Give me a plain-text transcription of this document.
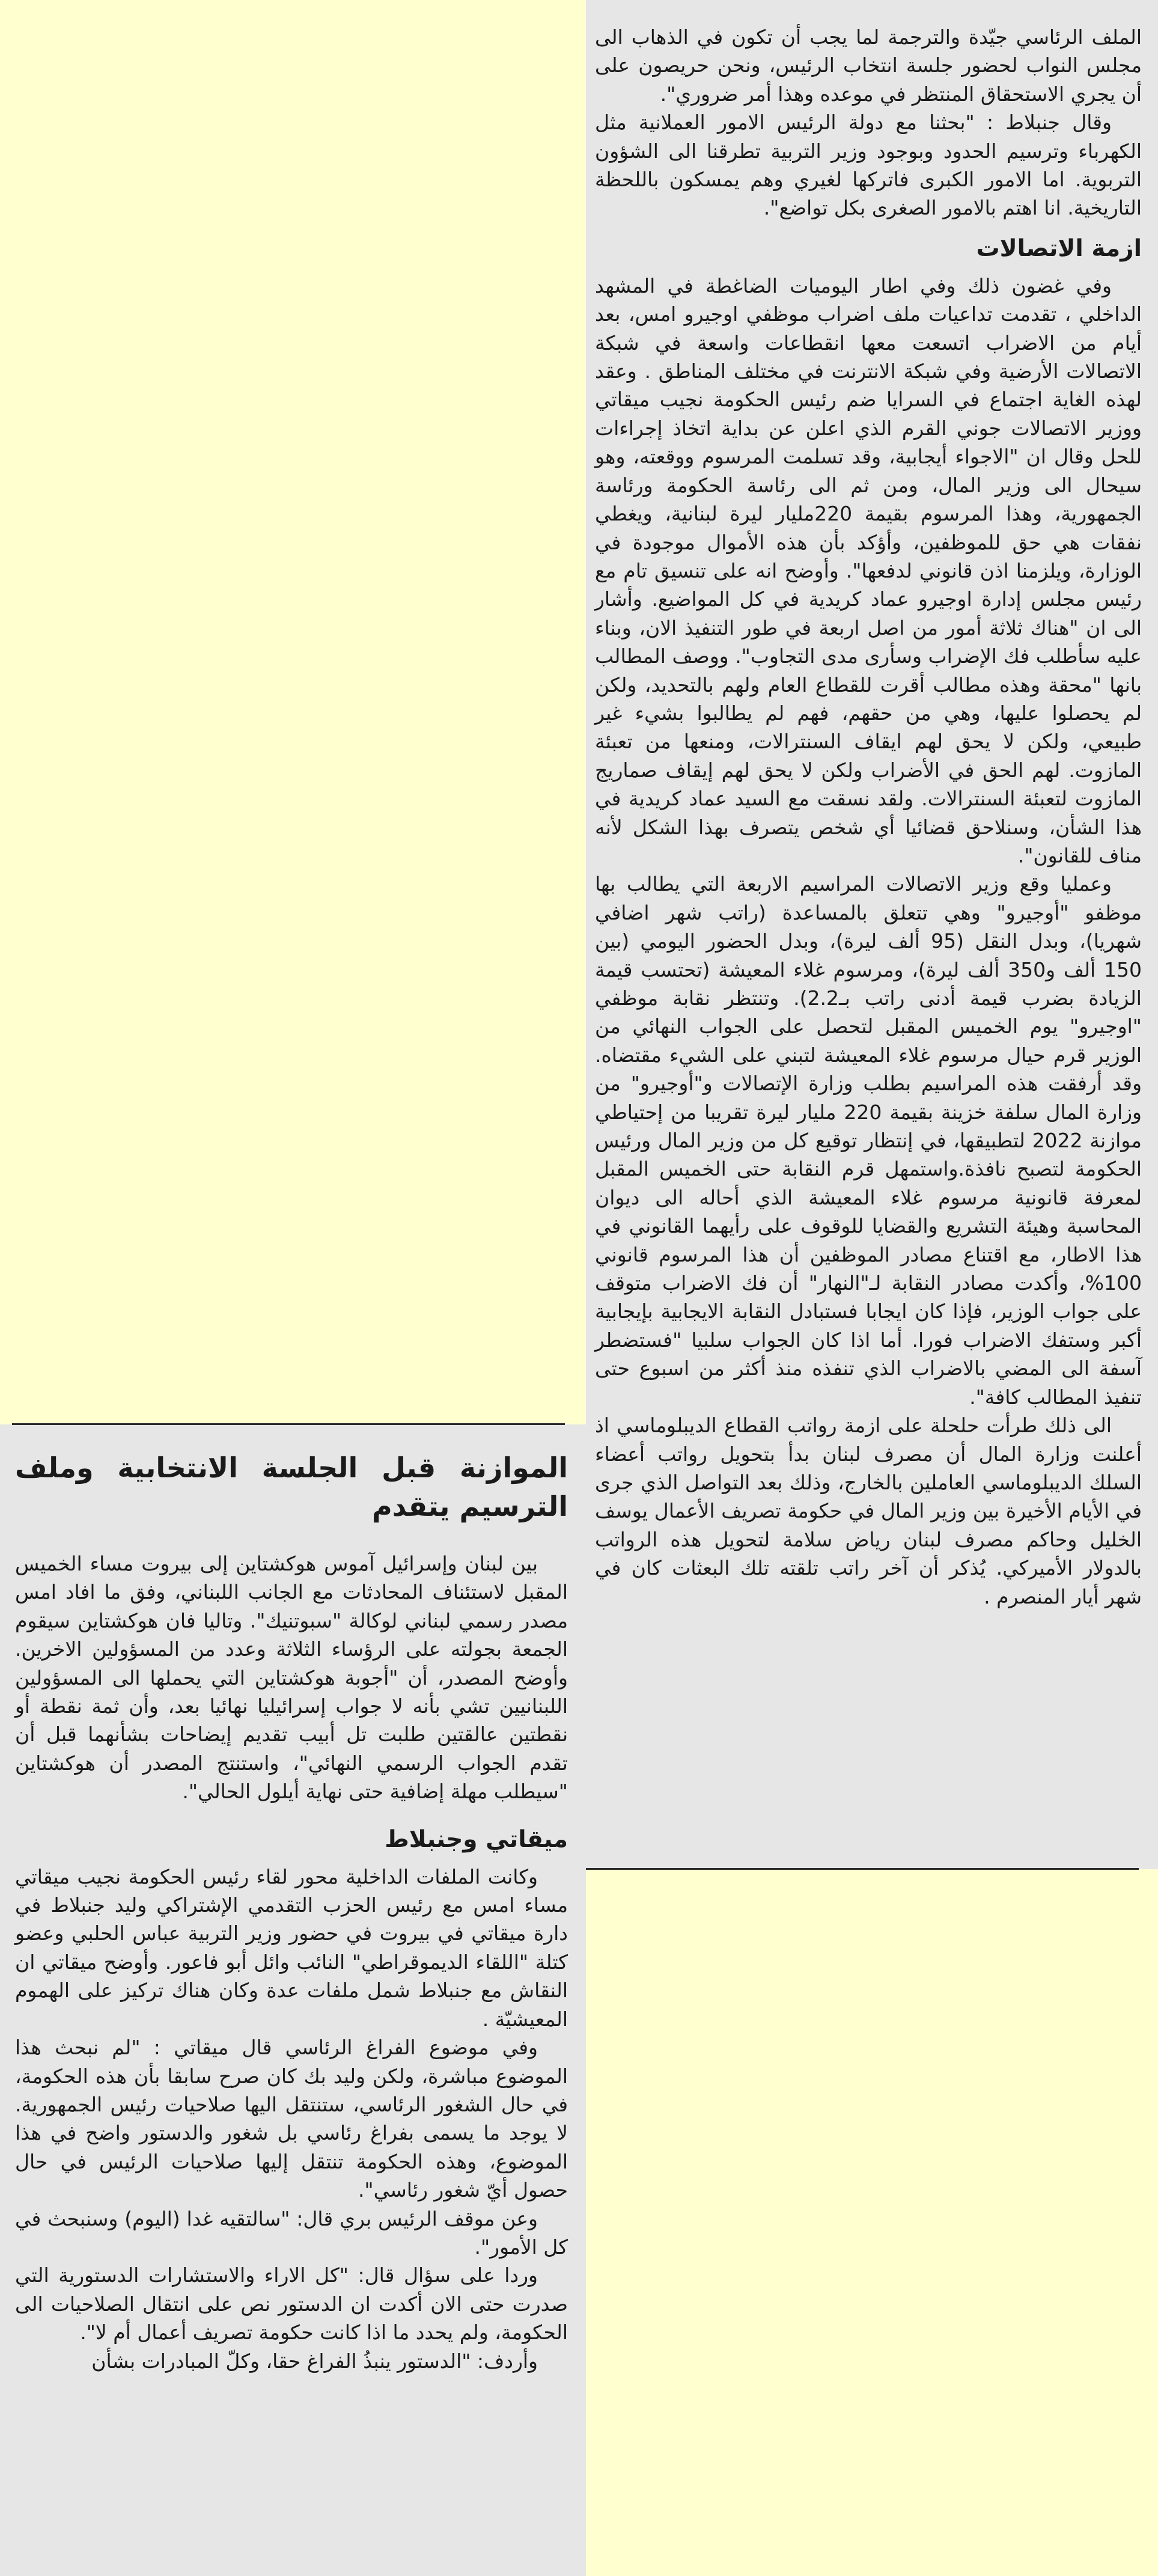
الملف الرئاسي جيّدة والترجمة لما يجب أن تكون في الذهاب الى مجلس النواب لحضور جلسة انتخاب الرئيس، ونحن حريصون على أن يجري الاستحقاق المنتظر في موعده وهذا أمر ضروري".

وقال جنبلاط : "بحثنا مع دولة الرئيس الامور العملانية مثل الكهرباء وترسيم الحدود وبوجود وزير التربية تطرقنا الى الشؤون التربوية. اما الامور الكبرى فاتركها لغيري وهم يمسكون باللحظة التاريخية. انا اهتم بالامور الصغرى بكل تواضع".

ازمة الاتصالات

وفي غضون ذلك وفي اطار اليوميات الضاغطة في المشهد الداخلي ، تقدمت تداعيات ملف اضراب موظفي اوجيرو امس، بعد أيام من الاضراب اتسعت معها انقطاعات واسعة في شبكة الاتصالات الأرضية وفي شبكة الانترنت في مختلف المناطق . وعقد لهذه الغاية اجتماع في السرايا ضم رئيس الحكومة نجيب ميقاتي ووزير الاتصالات جوني القرم الذي اعلن عن بداية اتخاذ إجراءات للحل وقال ان "الاجواء أيجابية، وقد تسلمت المرسوم ووقعته، وهو سيحال الى وزير المال، ومن ثم الى رئاسة الحكومة ورئاسة الجمهورية، وهذا المرسوم بقيمة 220مليار ليرة لبنانية، ويغطي نفقات هي حق للموظفين، وأؤكد بأن هذه الأموال موجودة في الوزارة، ويلزمنا اذن قانوني لدفعها". وأوضح انه على تنسيق تام مع رئيس مجلس إدارة اوجيرو عماد كريدية في كل المواضيع. وأشار الى ان "هناك ثلاثة أمور من اصل اربعة في طور التنفيذ الان، وبناء عليه سأطلب فك الإضراب وسأرى مدى التجاوب". ووصف المطالب بانها "محقة وهذه مطالب أقرت للقطاع العام ولهم بالتحديد، ولكن لم يحصلوا عليها، وهي من حقهم، فهم لم يطالبوا بشيء غير طبيعي، ولكن لا يحق لهم ايقاف السنترالات، ومنعها من تعبئة المازوت. لهم الحق في الأضراب ولكن لا يحق لهم إيقاف صماريج المازوت لتعبئة السنترالات. ولقد نسقت مع السيد عماد كريدية في هذا الشأن، وسنلاحق قضائيا أي شخص يتصرف بهذا الشكل لأنه مناف للقانون".

وعمليا وقع وزير الاتصالات المراسيم الاربعة التي يطالب بها موظفو "أوجيرو" وهي تتعلق بالمساعدة (راتب شهر اضافي شهريا)، وبدل النقل (95 ألف ليرة)، وبدل الحضور اليومي (بين 150 ألف و350 ألف ليرة)، ومرسوم غلاء المعيشة (تحتسب قيمة الزيادة بضرب قيمة أدنى راتب بـ2.2). وتنتظر نقابة موظفي "اوجيرو" يوم الخميس المقبل لتحصل على الجواب النهائي من الوزير قرم حيال مرسوم غلاء المعيشة لتبني على الشيء مقتضاه. وقد أرفقت هذه المراسيم بطلب وزارة الإتصالات و"أوجيرو" من وزارة المال سلفة خزينة بقيمة 220 مليار ليرة تقريبا من إحتياطي موازنة 2022 لتطبيقها، في إنتظار توقيع كل من وزير المال ورئيس الحكومة لتصبح نافذة.واستمهل قرم النقابة حتى الخميس المقبل لمعرفة قانونية مرسوم غلاء المعيشة الذي أحاله الى ديوان المحاسبة وهيئة التشريع والقضايا للوقوف على رأيهما القانوني في هذا الاطار، مع اقتناع مصادر الموظفين أن هذا المرسوم قانوني 100%، وأكدت مصادر النقابة لـ"النهار" أن فك الاضراب متوقف على جواب الوزير، فإذا كان ايجابا فستبادل النقابة الايجابية بإيجابية أكبر وستفك الاضراب فورا. أما اذا كان الجواب سلبيا "فستضطر آسفة الى المضي بالاضراب الذي تنفذه منذ أكثر من اسبوع حتى تنفيذ المطالب كافة".

الى ذلك طرأت حلحلة على ازمة رواتب القطاع الديبلوماسي اذ أعلنت وزارة المال أن مصرف لبنان بدأ بتحويل رواتب أعضاء السلك الديبلوماسي العاملين بالخارج، وذلك بعد التواصل الذي جرى في الأيام الأخيرة بين وزير المال في حكومة تصريف الأعمال يوسف الخليل وحاكم مصرف لبنان رياض سلامة لتحويل هذه الرواتب بالدولار الأميركي. يُذكر أن آخر راتب تلقته تلك البعثات كان في شهر أيار المنصرم .

الموازنة قبل الجلسة الانتخابية وملف الترسيم يتقدم

بين لبنان وإسرائيل آموس هوكشتاين إلى بيروت مساء الخميس المقبل لاستئناف المحادثات مع الجانب اللبناني، وفق ما افاد امس مصدر رسمي لبناني لوكالة "سبوتنيك". وتاليا فان هوكشتاين سيقوم الجمعة بجولته على الرؤساء الثلاثة وعدد من المسؤولين الاخرين. وأوضح المصدر، أن "أجوبة هوكشتاين التي يحملها الى المسؤولين اللبنانيين تشي بأنه لا جواب إسرائيليا نهائيا بعد، وأن ثمة نقطة أو نقطتين عالقتين طلبت تل أبيب تقديم إيضاحات بشأنهما قبل أن تقدم الجواب الرسمي النهائي"، واستنتج المصدر أن هوكشتاين "سيطلب مهلة إضافية حتى نهاية أيلول الحالي".

ميقاتي وجنبلاط

وكانت الملفات الداخلية محور لقاء رئيس الحكومة نجيب ميقاتي مساء امس مع رئيس الحزب التقدمي الإشتراكي وليد جنبلاط في دارة ميقاتي في بيروت في حضور وزير التربية عباس الحلبي وعضو كتلة "اللقاء الديموقراطي" النائب وائل أبو فاعور. وأوضح ميقاتي ان النقاش مع جنبلاط شمل ملفات عدة وكان هناك تركيز على الهموم المعيشيّة .

وفي موضوع الفراغ الرئاسي قال ميقاتي : "لم نبحث هذا الموضوع مباشرة، ولكن وليد بك كان صرح سابقا بأن هذه الحكومة، في حال الشغور الرئاسي، ستنتقل اليها صلاحيات رئيس الجمهورية. لا يوجد ما يسمى بفراغ رئاسي بل شغور والدستور واضح في هذا الموضوع، وهذه الحكومة تنتقل إليها صلاحيات الرئيس في حال حصول أيّ شغور رئاسي".

وعن موقف الرئيس بري قال: "سالتقيه غدا (اليوم) وسنبحث في كل الأمور".

وردا على سؤال قال: "كل الاراء والاستشارات الدستورية التي صدرت حتى الان أكدت ان الدستور نص على انتقال الصلاحيات الى الحكومة، ولم يحدد ما اذا كانت حكومة تصريف أعمال أم لا".

وأردف: "الدستور ينبذُ الفراغ حقا، وكلّ المبادرات بشأن
